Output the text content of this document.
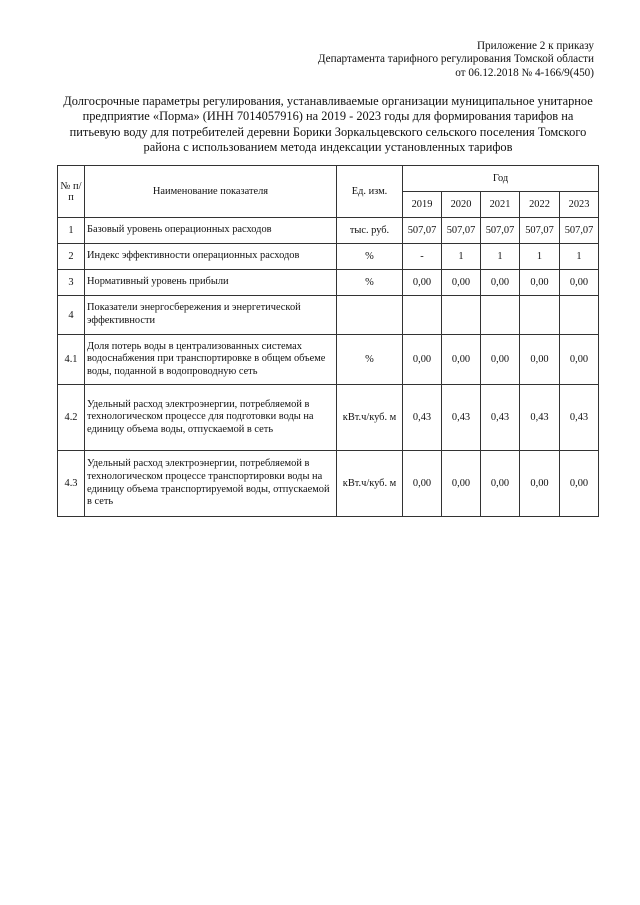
Приложение 2 к приказу
Департамента тарифного регулирования Томской области
от 06.12.2018 № 4-166/9(450)
Долгосрочные параметры регулирования, устанавливаемые организации муниципальное унитарное предприятие «Порма» (ИНН 7014057916) на 2019 - 2023 годы для формирования тарифов на питьевую воду для потребителей деревни Борики Зоркальцевского сельского поселения Томского района с использованием метода индексации установленных тарифов
№ п/п	Наименование показателя	Ед. изм.	Год				
			2019	2020	2021	2022	2023
1	Базовый уровень операционных расходов	тыс. руб.	507,07	507,07	507,07	507,07	507,07
2	Индекс эффективности операционных расходов	%	-	1	1	1	1
3	Нормативный уровень прибыли	%	0,00	0,00	0,00	0,00	0,00
4	Показатели энергосбережения и энергетической эффективности						
4.1	Доля потерь воды в централизованных системах водоснабжения при транспортировке в общем объеме воды, поданной в водопроводную сеть	%	0,00	0,00	0,00	0,00	0,00
4.2	Удельный расход электроэнергии, потребляемой в технологическом процессе для подготовки воды на единицу объема воды, отпускаемой в сеть	кВт.ч/куб. м	0,43	0,43	0,43	0,43	0,43
4.3	Удельный расход электроэнергии, потребляемой в технологическом процессе транспортировки воды на единицу объема транспортируемой воды, отпускаемой в сеть	кВт.ч/куб. м	0,00	0,00	0,00	0,00	0,00
